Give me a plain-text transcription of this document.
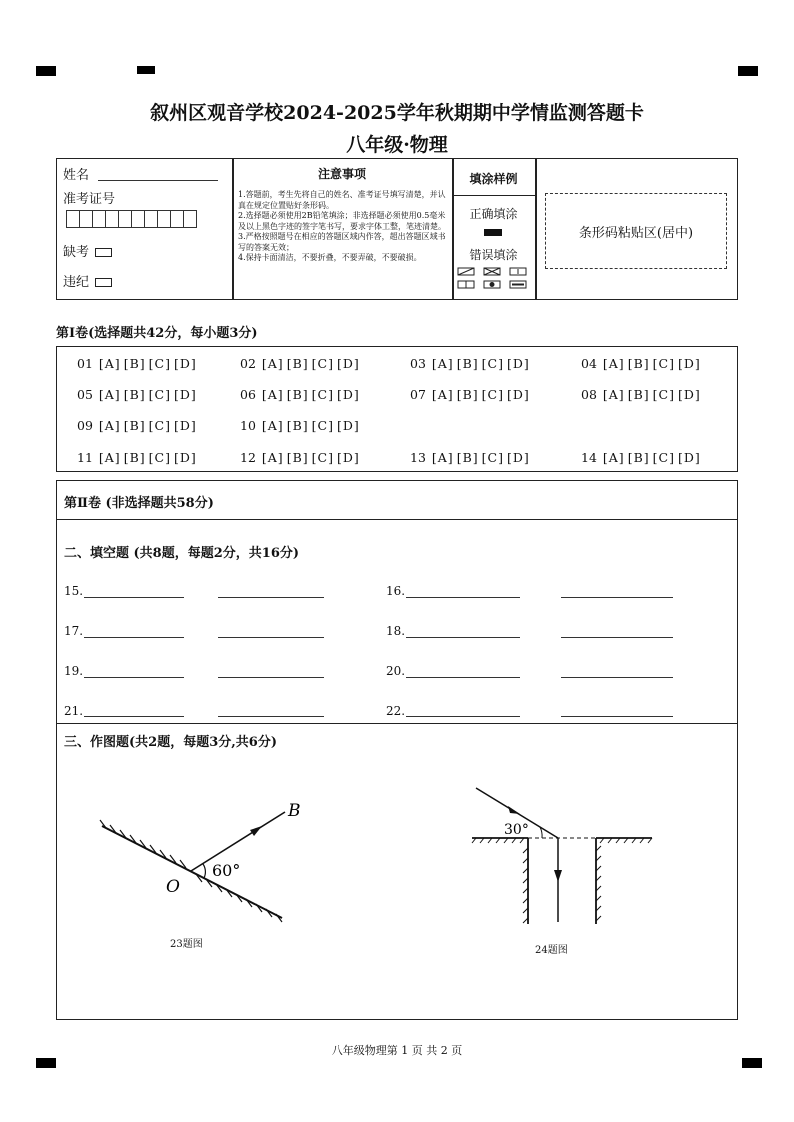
叙州区观音学校2024-2025学年秋期期中学情监测答题卡
八年级·物理
姓名
准考证号
缺考
违纪
注意事项
1.答题前，考生先将自己的姓名、准考证号填写清楚，并认真在规定位置贴好条形码。
2.选择题必须使用2B铅笔填涂；非选择题必须使用0.5毫米及以上黑色字迹的签字笔书写，要求字体工整，笔迹清楚。
3.严格按照题号在相应的答题区域内作答，超出答题区域书写的答案无效；
4.保持卡面清洁，不要折叠，不要弄破，不要破损。
填涂样例
正确填涂
错误填涂
条形码粘贴区(居中)
第Ⅰ卷(选择题共42分，每小题3分)
01 [A] [B] [C] [D]	02 [A] [B] [C] [D]	03 [A] [B] [C] [D]	04 [A] [B] [C] [D]
05 [A] [B] [C] [D]	06 [A] [B] [C] [D]	07 [A] [B] [C] [D]	08 [A] [B] [C] [D]
09 [A] [B] [C] [D]	10 [A] [B] [C] [D]
11 [A] [B] [C] [D]	12 [A] [B] [C] [D]	13 [A] [B] [C] [D]	14 [A] [B] [C] [D]
第Ⅱ卷 (非选择题共58分)
二、填空题 (共8题，每题2分，共16分)
15.	16.
17.	18.
19.	20.
21.	22.
三、作图题(共2题，每题3分,共6分)
B
O
60°
23题图
30°
24题图
八年级物理第 1 页 共 2 页
